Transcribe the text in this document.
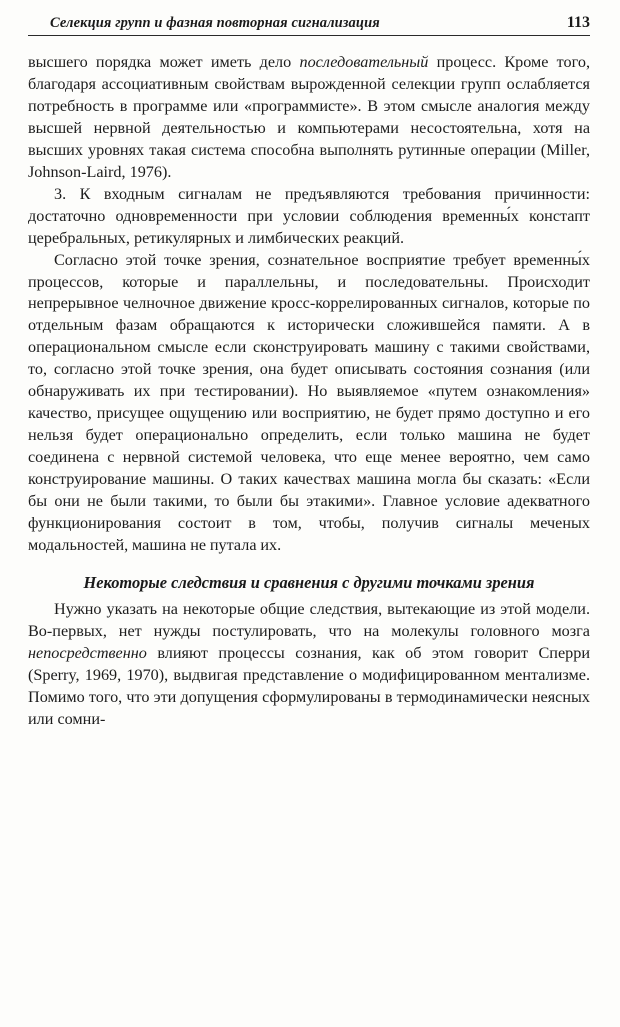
Селекция групп и фазная повторная сигнализация	113

высшего порядка может иметь дело последовательный процесс. Кроме того, благодаря ассоциативным свойствам вырожденной селекции групп ослабляется потребность в программе или «программисте». В этом смысле аналогия между высшей нервной деятельностью и компьютерами несостоятельна, хотя на высших уровнях такая система способна выполнять рутинные операции (Miller, Johnson-Laird, 1976).

3. К входным сигналам не предъявляются требования причинности: достаточно одновременности при условии соблюдения временны́х констапт церебральных, ретикулярных и лимбических реакций.

Согласно этой точке зрения, сознательное восприятие требует временны́х процессов, которые и параллельны, и последовательны. Происходит непрерывное челночное движение кросс-коррелированных сигналов, которые по отдельным фазам обращаются к исторически сложившейся памяти. А в операциональном смысле если сконструировать машину с такими свойствами, то, согласно этой точке зрения, она будет описывать состояния сознания (или обнаруживать их при тестировании). Но выявляемое «путем ознакомления» качество, присущее ощущению или восприятию, не будет прямо доступно и его нельзя будет операционально определить, если только машина не будет соединена с нервной системой человека, что еще менее вероятно, чем само конструирование машины. О таких качествах машина могла бы сказать: «Если бы они не были такими, то были бы этакими». Главное условие адекватного функционирования состоит в том, чтобы, получив сигналы меченых модальностей, машина не путала их.

Некоторые следствия и сравнения с другими точками зрения

Нужно указать на некоторые общие следствия, вытекающие из этой модели. Во-первых, нет нужды постулировать, что на молекулы головного мозга непосредственно влияют процессы сознания, как об этом говорит Сперри (Sperry, 1969, 1970), выдвигая представление о модифицированном ментализме. Помимо того, что эти допущения сформулированы в термодинамически неясных или сомни-
